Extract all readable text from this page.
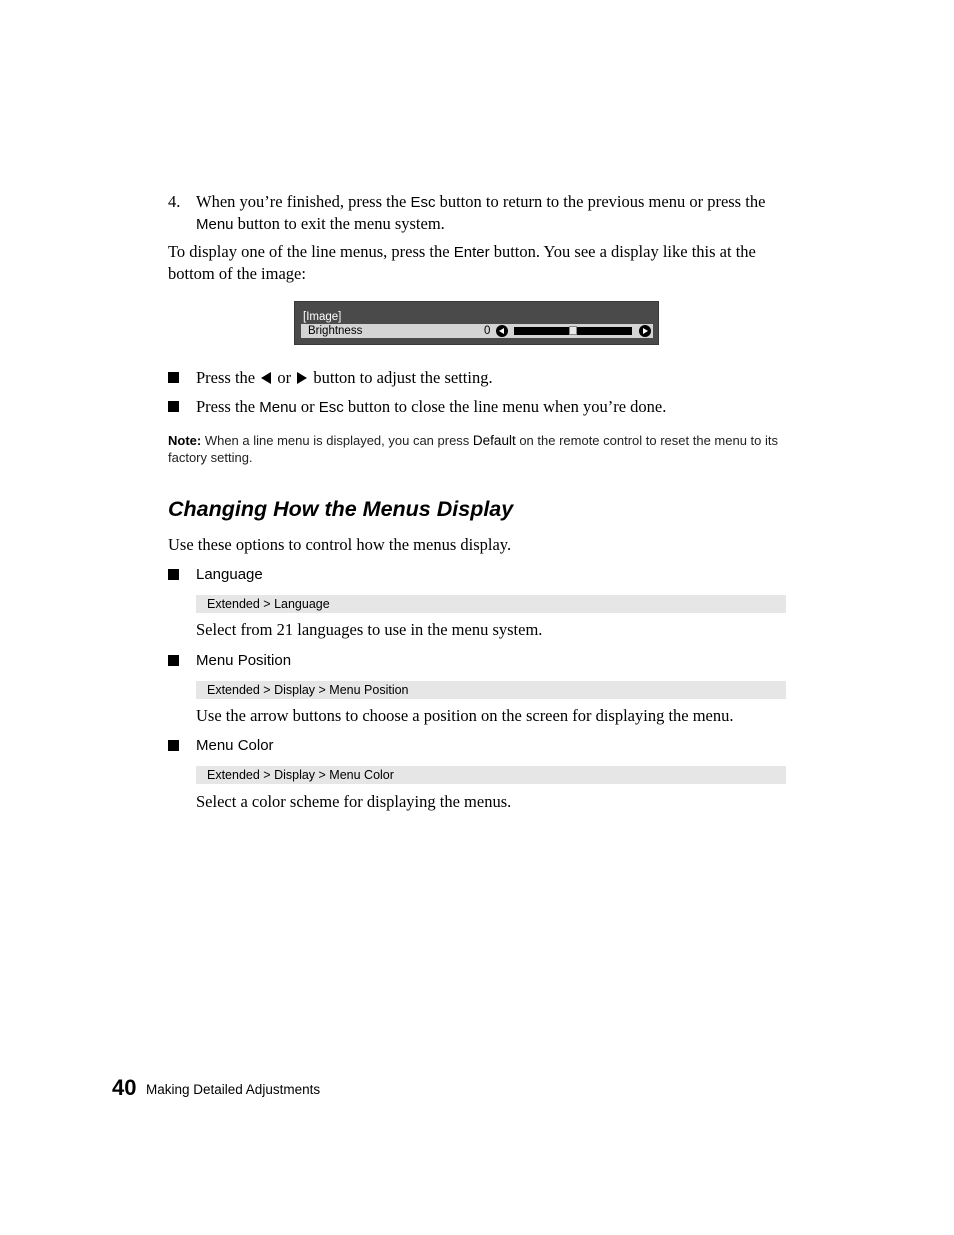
4. When you’re finished, press the Esc button to return to the previous menu or press the Menu button to exit the menu system.
To display one of the line menus, press the Enter button. You see a display like this at the bottom of the image:
[Image]
Brightness	0
Press the  or  button to adjust the setting.
Press the Menu or Esc button to close the line menu when you’re done.
Note: When a line menu is displayed, you can press Default on the remote control to reset the menu to its factory setting.
Changing How the Menus Display
Use these options to control how the menus display.
Language
Extended > Language
Select from 21 languages to use in the menu system.
Menu Position
Extended > Display > Menu Position
Use the arrow buttons to choose a position on the screen for displaying the menu.
Menu Color
Extended > Display > Menu Color
Select a color scheme for displaying the menus.
40 Making Detailed Adjustments
